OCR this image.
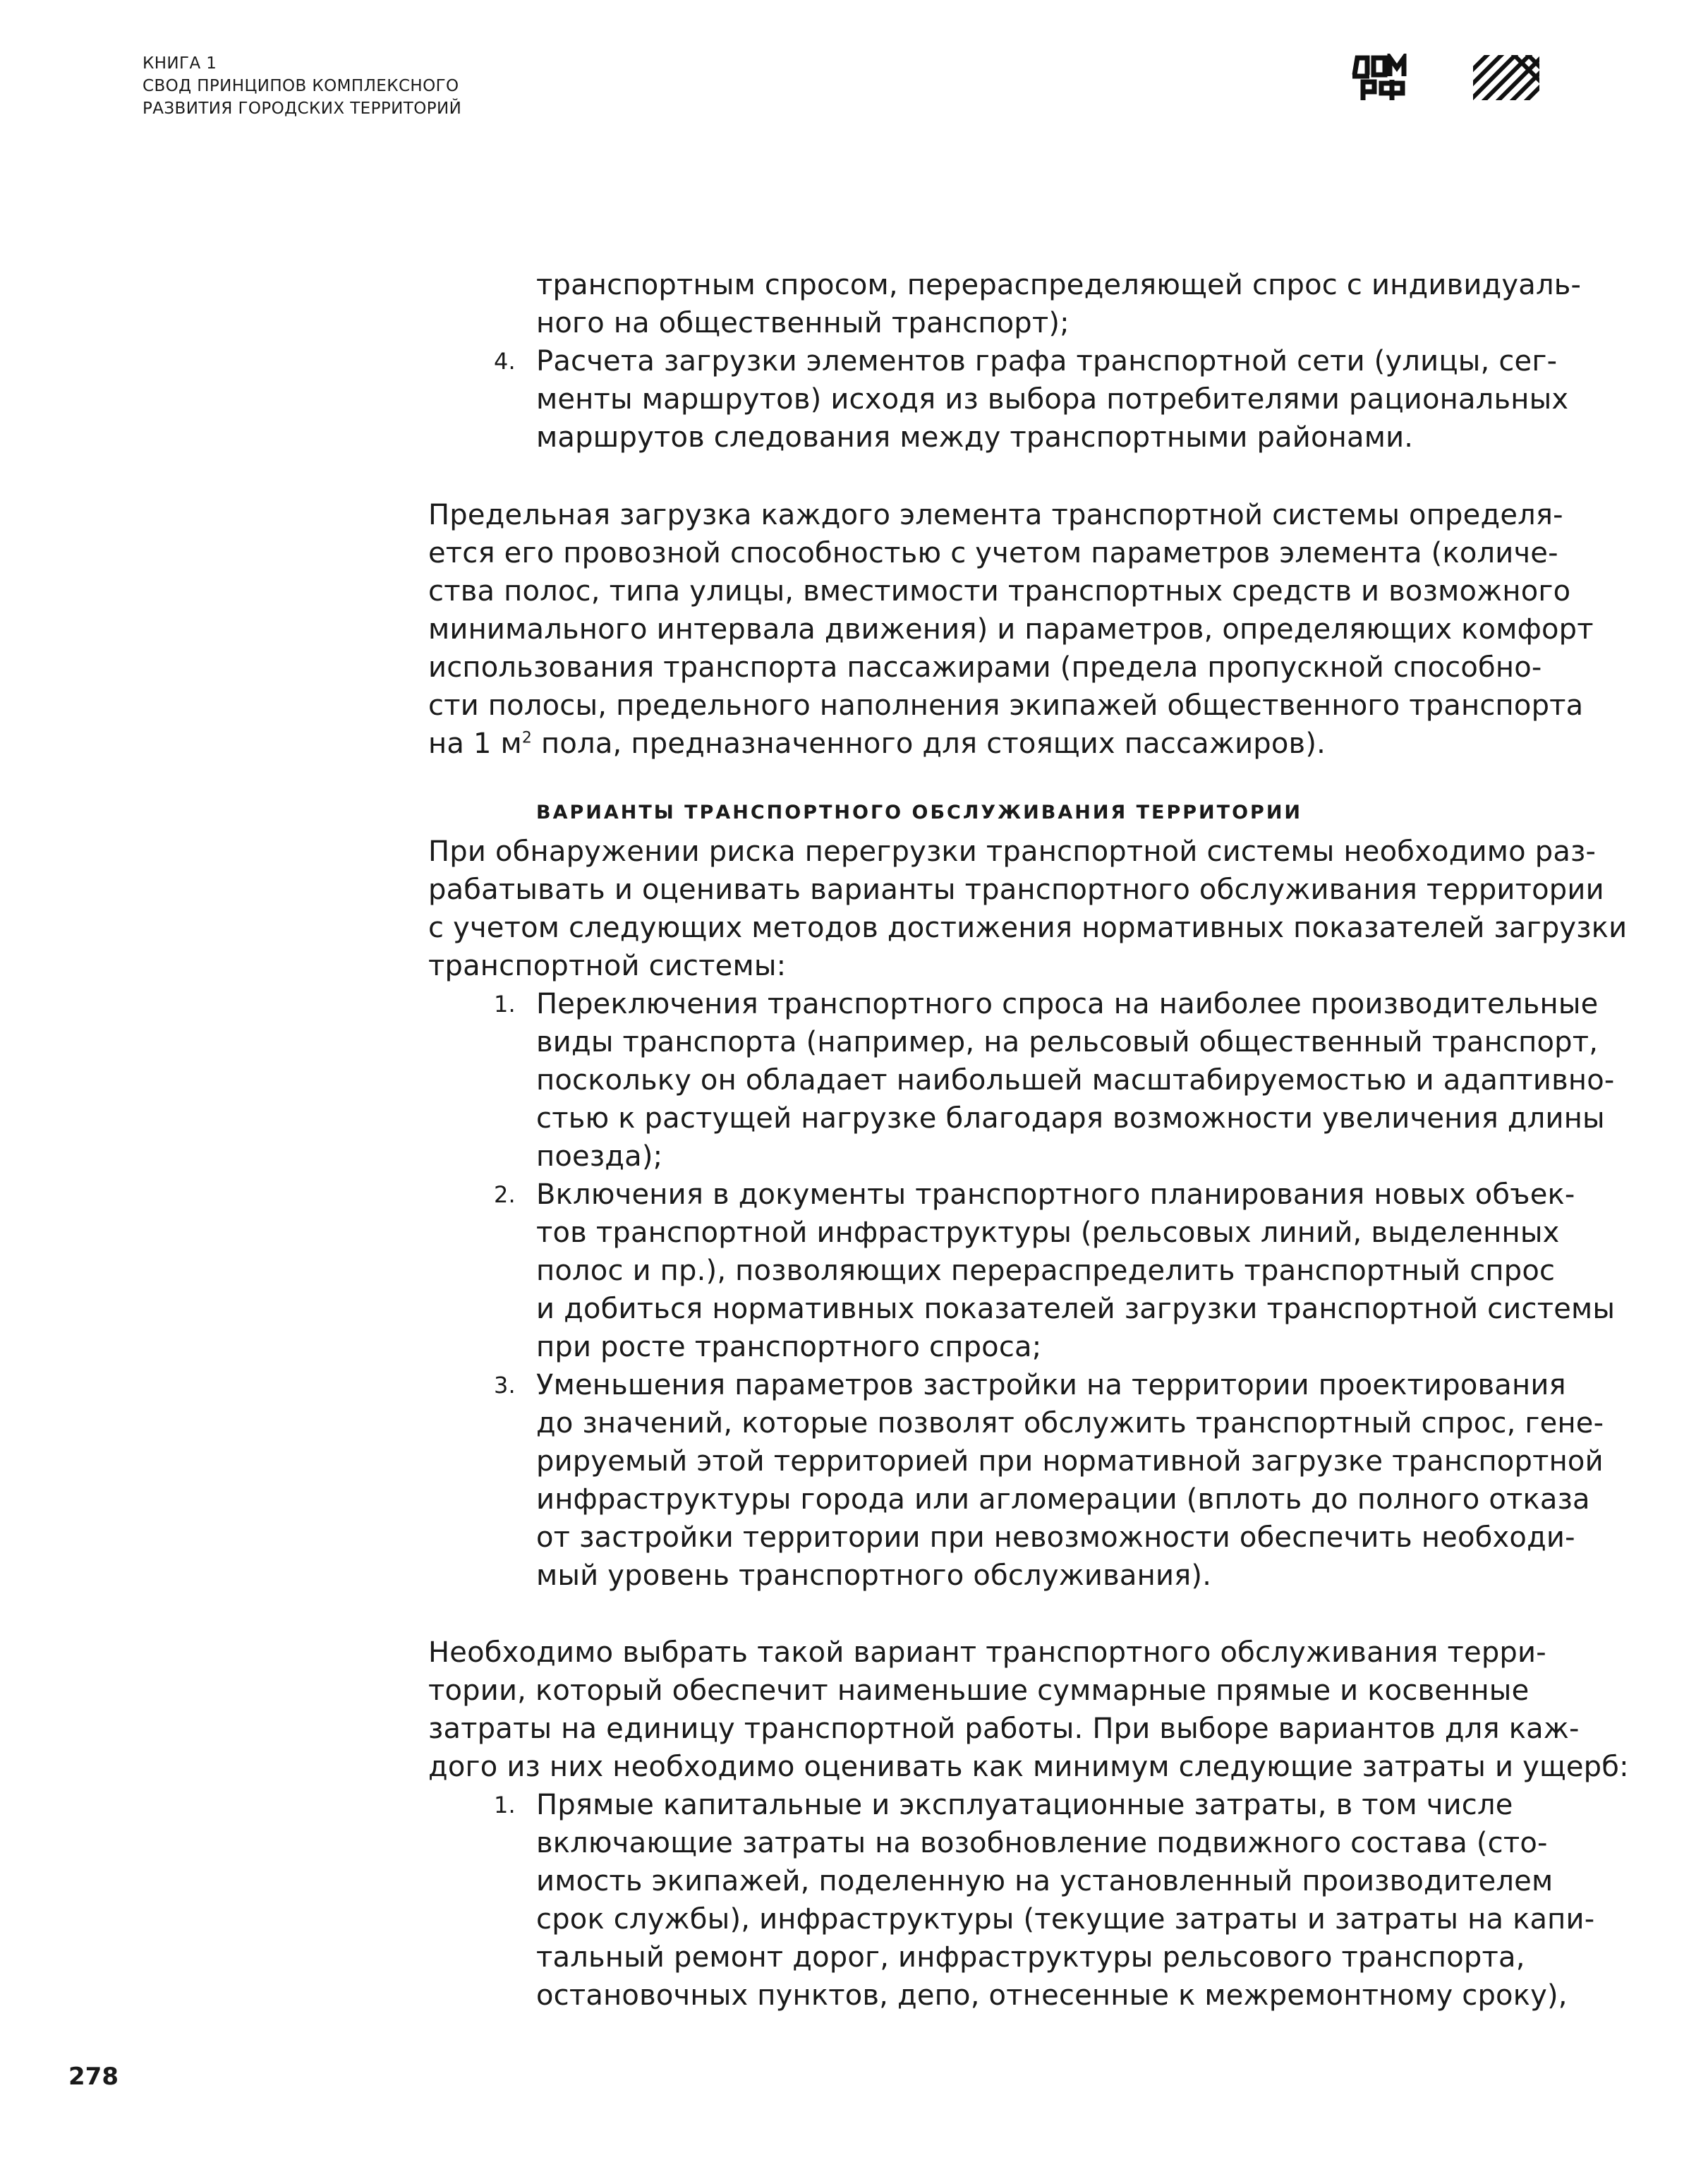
КНИГА 1
СВОД ПРИНЦИПОВ КОМПЛЕКСНОГО
РАЗВИТИЯ ГОРОДСКИХ ТЕРРИТОРИЙ
транспортным спросом, перераспределяющей спрос с индивидуаль-
ного на общественный транспорт);
4. Расчета загрузки элементов графа транспортной сети (улицы, сег-
менты маршрутов) исходя из выбора потребителями рациональных
маршрутов следования между транспортными районами.
Предельная загрузка каждого элемента транспортной системы определя-
ется его провозной способностью с учетом параметров элемента (количе-
ства полос, типа улицы, вместимости транспортных средств и возможного
минимального интервала движения) и параметров, определяющих комфорт
использования транспорта пассажирами (предела пропускной способно-
сти полосы, предельного наполнения экипажей общественного транспорта
на 1 $м^2$ пола, предназначенного для стоящих пассажиров).
ВАРИАНТЫ ТРАНСПОРТНОГО ОБСЛУЖИВАНИЯ ТЕРРИТОРИИ
При обнаружении риска перегрузки транспортной системы необходимо раз-
рабатывать и оценивать варианты транспортного обслуживания территории
с учетом следующих методов достижения нормативных показателей загрузки
транспортной системы:
1. Переключения транспортного спроса на наиболее производительные
виды транспорта (например, на рельсовый общественный транспорт,
поскольку он обладает наибольшей масштабируемостью и адаптивно-
стью к растущей нагрузке благодаря возможности увеличения длины
поезда);
2. Включения в документы транспортного планирования новых объек-
тов транспортной инфраструктуры (рельсовых линий, выделенных
полос и пр.), позволяющих перераспределить транспортный спрос
и добиться нормативных показателей загрузки транспортной системы
при росте транспортного спроса;
3. Уменьшения параметров застройки на территории проектирования
до значений, которые позволят обслужить транспортный спрос, гене-
рируемый этой территорией при нормативной загрузке транспортной
инфраструктуры города или агломерации (вплоть до полного отказа
от застройки территории при невозможности обеспечить необходи-
мый уровень транспортного обслуживания).
Необходимо выбрать такой вариант транспортного обслуживания терри-
тории, который обеспечит наименьшие суммарные прямые и косвенные
затраты на единицу транспортной работы. При выборе вариантов для каж-
дого из них необходимо оценивать как минимум следующие затраты и ущерб:
1. Прямые капитальные и эксплуатационные затраты, в том числе
включающие затраты на возобновление подвижного состава (сто-
имость экипажей, поделенную на установленный производителем
срок службы), инфраструктуры (текущие затраты и затраты на капи-
тальный ремонт дорог, инфраструктуры рельсового транспорта,
остановочных пунктов, депо, отнесенные к межремонтному сроку),
278
